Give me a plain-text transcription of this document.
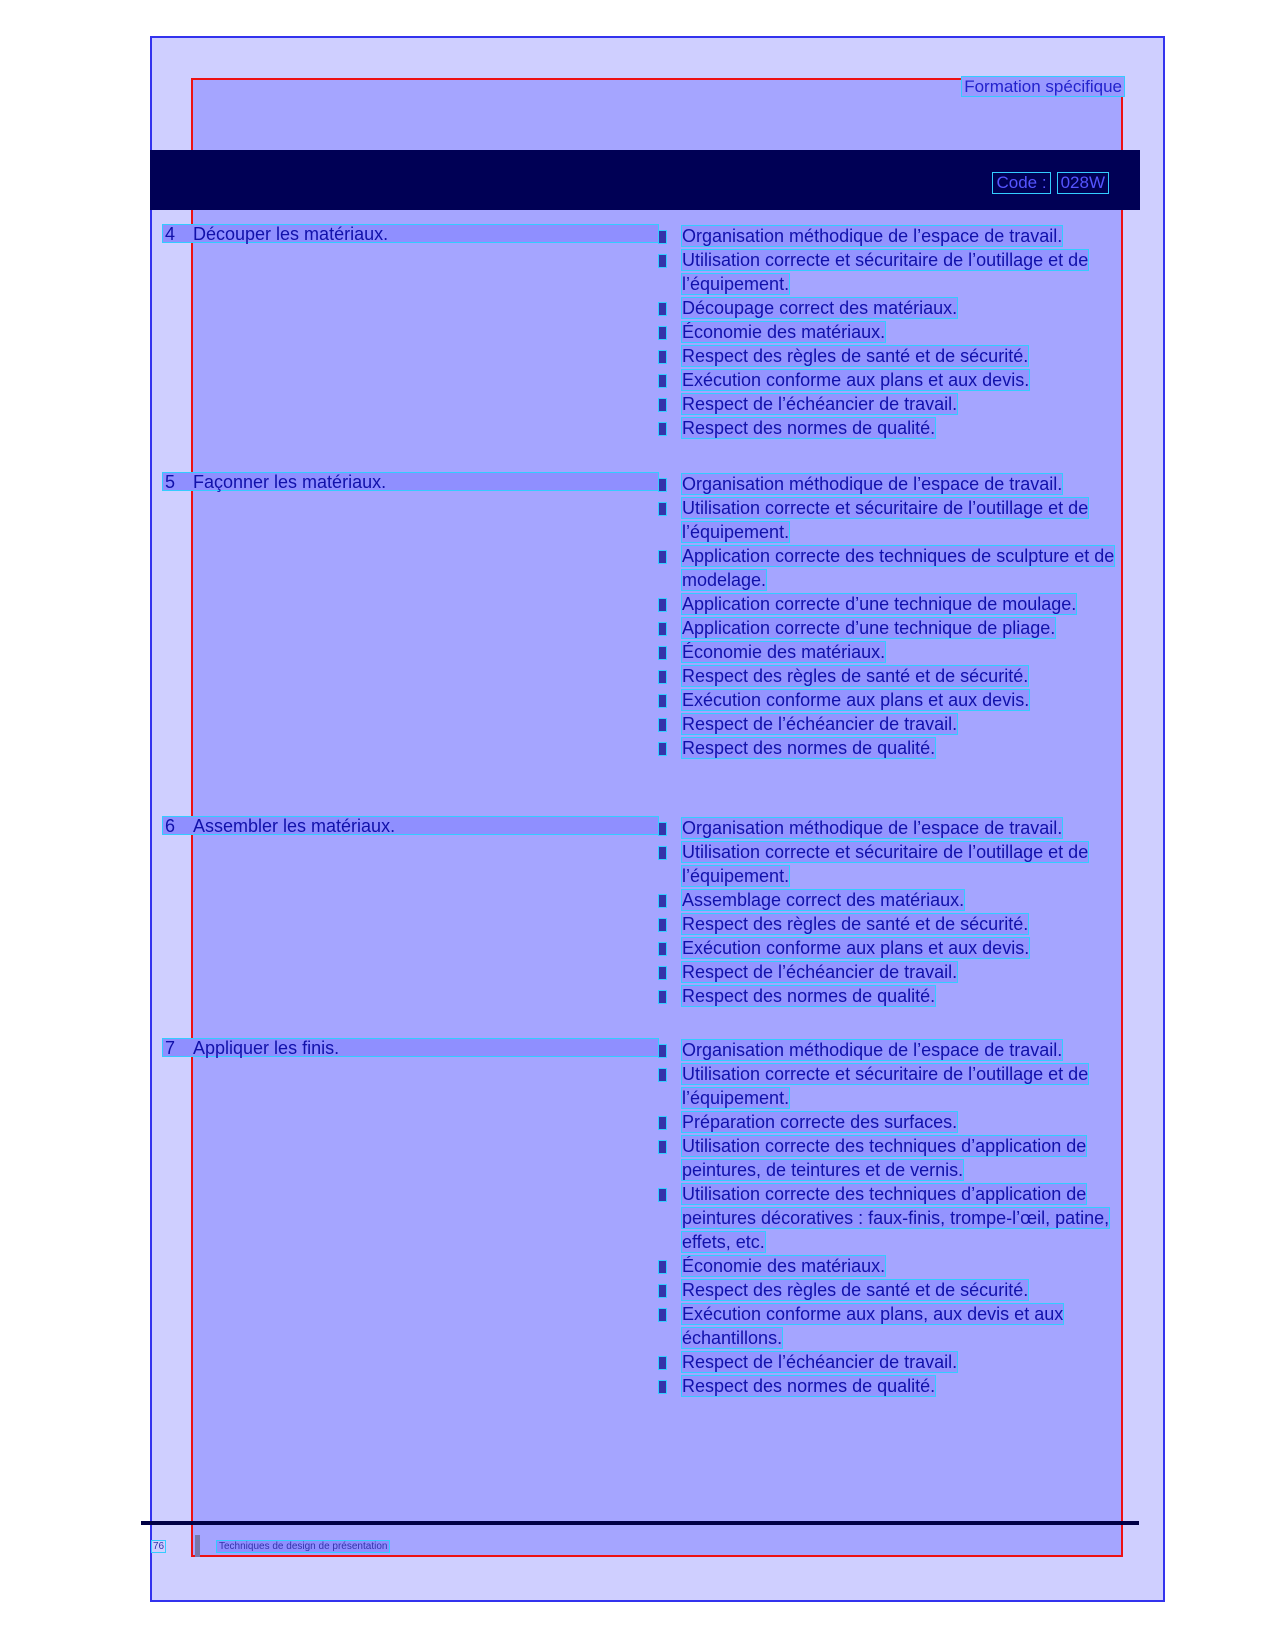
Formation spécifique
Code : 028W
4 Découper les matériaux.	Organisation méthodique de l’espace de travail.
Utilisation correcte et sécuritaire de l’outillage et de l’équipement.
Découpage correct des matériaux.
Économie des matériaux.
Respect des règles de santé et de sécurité.
Exécution conforme aux plans et aux devis.
Respect de l’échéancier de travail.
Respect des normes de qualité.
5 Façonner les matériaux.	Organisation méthodique de l’espace de travail.
Utilisation correcte et sécuritaire de l’outillage et de l’équipement.
Application correcte des techniques de sculpture et de modelage.
Application correcte d’une technique de moulage.
Application correcte d’une technique de pliage.
Économie des matériaux.
Respect des règles de santé et de sécurité.
Exécution conforme aux plans et aux devis.
Respect de l’échéancier de travail.
Respect des normes de qualité.
6 Assembler les matériaux.	Organisation méthodique de l’espace de travail.
Utilisation correcte et sécuritaire de l’outillage et de l’équipement.
Assemblage correct des matériaux.
Respect des règles de santé et de sécurité.
Exécution conforme aux plans et aux devis.
Respect de l’échéancier de travail.
Respect des normes de qualité.
7 Appliquer les finis.	Organisation méthodique de l’espace de travail.
Utilisation correcte et sécuritaire de l’outillage et de l’équipement.
Préparation correcte des surfaces.
Utilisation correcte des techniques d’application de peintures, de teintures et de vernis.
Utilisation correcte des techniques d’application de peintures décoratives : faux-finis, trompe-l’œil, patine, effets, etc.
Économie des matériaux.
Respect des règles de santé et de sécurité.
Exécution conforme aux plans, aux devis et aux échantillons.
Respect de l’échéancier de travail.
Respect des normes de qualité.
76	Techniques de design de présentation
